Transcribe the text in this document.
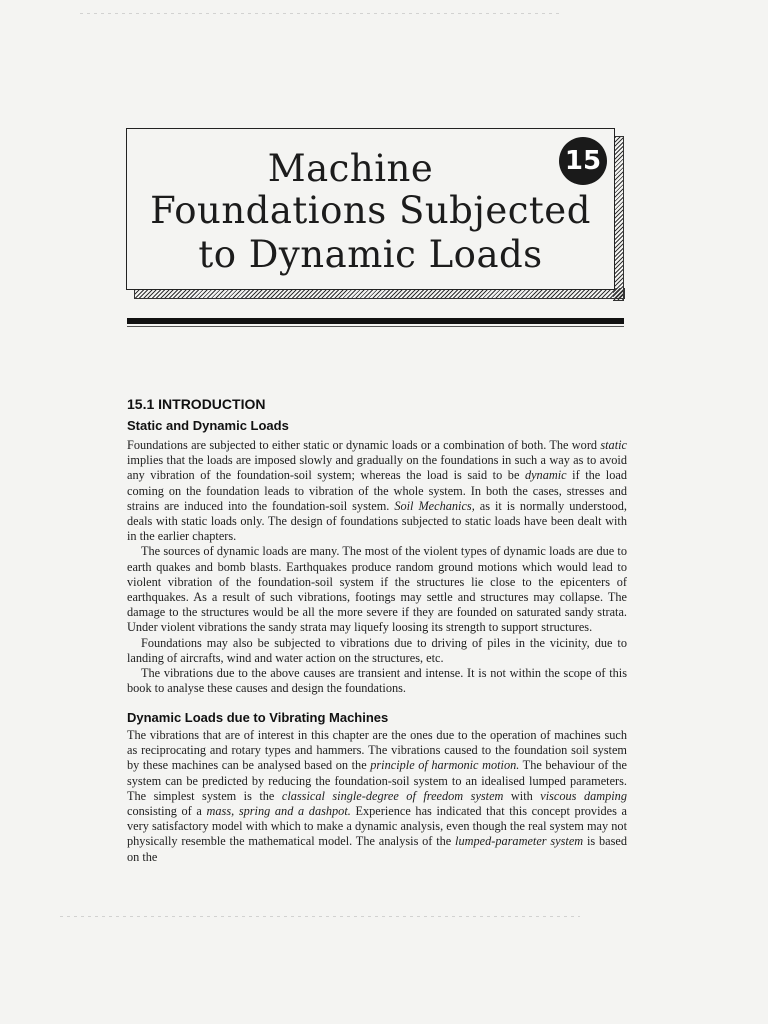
Machine
Foundations Subjected
to Dynamic Loads
15
15.1 INTRODUCTION
Static and Dynamic Loads

Foundations are subjected to either static or dynamic loads or a combination of both. The word static implies that the loads are imposed slowly and gradually on the foundations in such a way as to avoid any vibration of the foundation-soil system; whereas the load is said to be dynamic if the load coming on the foundation leads to vibration of the whole system. In both the cases, stresses and strains are induced into the foundation-soil system. Soil Mechanics, as it is normally understood, deals with static loads only. The design of foundations subjected to static loads have been dealt with in the earlier chapters.

The sources of dynamic loads are many. The most of the violent types of dynamic loads are due to earth quakes and bomb blasts. Earthquakes produce random ground motions which would lead to violent vibration of the foundation-soil system if the structures lie close to the epicenters of earthquakes. As a result of such vibrations, footings may settle and structures may collapse. The damage to the structures would be all the more severe if they are founded on saturated sandy strata. Under violent vibrations the sandy strata may liquefy loosing its strength to support structures.

Foundations may also be subjected to vibrations due to driving of piles in the vicinity, due to landing of aircrafts, wind and water action on the structures, etc.

The vibrations due to the above causes are transient and intense. It is not within the scope of this book to analyse these causes and design the foundations.

Dynamic Loads due to Vibrating Machines

The vibrations that are of interest in this chapter are the ones due to the operation of machines such as reciprocating and rotary types and hammers. The vibrations caused to the foundation soil system by these machines can be analysed based on the principle of harmonic motion. The behaviour of the system can be predicted by reducing the foundation-soil system to an idealised lumped parameters. The simplest system is the classical single-degree of freedom system with viscous damping consisting of a mass, spring and a dashpot. Experience has indicated that this concept provides a very satisfactory model with which to make a dynamic analysis, even though the real system may not physically resemble the mathematical model. The analysis of the lumped-parameter system is based on the
